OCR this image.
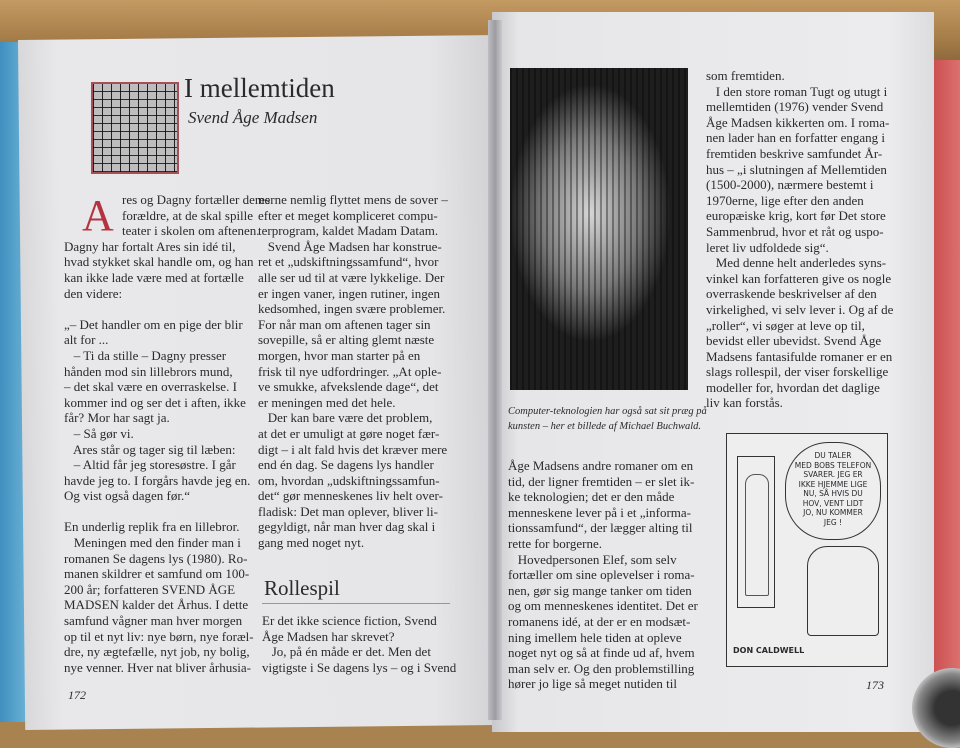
I mellemtiden
Svend Åge Madsen
A res og Dagny fortæller deres
forældre, at de skal spille
teater i skolen om aftenen.
Dagny har fortalt Ares sin idé til,
hvad stykket skal handle om, og han
kan ikke lade være med at fortælle
den videre:

„– Det handler om en pige der blir
alt for ...
– Ti da stille – Dagny presser
hånden mod sin lillebrors mund,
– det skal være en overraskelse. I
kommer ind og ser det i aften, ikke
får? Mor har sagt ja.
– Så gør vi.
Ares står og tager sig til læben:
– Altid får jeg storesøstre. I går
havde jeg to. I forgårs havde jeg en.
Og vist også dagen før.“

En underlig replik fra en lillebror.
Meningen med den finder man i
romanen Se dagens lys (1980). Ro-
manen skildrer et samfund om 100-
200 år; forfatteren SVEND ÅGE
MADSEN kalder det Århus. I dette
samfund vågner man hver morgen
op til et nyt liv: nye børn, nye foræl-
dre, ny ægtefælle, nyt job, ny bolig,
nye venner. Hver nat bliver århusia-
nerne nemlig flyttet mens de sover –
efter et meget kompliceret compu-
terprogram, kaldet Madam Datam.
Svend Åge Madsen har konstrue-
ret et „udskiftningssamfund“, hvor
alle ser ud til at være lykkelige. Der
er ingen vaner, ingen rutiner, ingen
kedsomhed, ingen svære problemer.
For når man om aftenen tager sin
sovepille, så er alting glemt næste
morgen, hvor man starter på en
frisk til nye udfordringer. „At ople-
ve smukke, afvekslende dage“, det
er meningen med det hele.
Der kan bare være det problem,
at det er umuligt at gøre noget fær-
digt – i alt fald hvis det kræver mere
end én dag. Se dagens lys handler
om, hvordan „udskiftningssamfun-
det“ gør menneskenes liv helt over-
fladisk: Det man oplever, bliver li-
gegyldigt, når man hver dag skal i
gang med noget nyt.
Rollespil
Er det ikke science fiction, Svend
Åge Madsen har skrevet?
Jo, på én måde er det. Men det
vigtigste i Se dagens lys – og i Svend
172
Computer-teknologien har også sat sit præg på
kunsten – her et billede af Michael Buchwald.
Åge Madsens andre romaner om en
tid, der ligner fremtiden – er slet ik-
ke teknologien; det er den måde
menneskene lever på i et „informa-
tionssamfund“, der lægger alting til
rette for borgerne.
Hovedpersonen Elef, som selv
fortæller om sine oplevelser i roma-
nen, gør sig mange tanker om tiden
og om menneskenes identitet. Det er
romanens idé, at der er en modsæt-
ning imellem hele tiden at opleve
noget nyt og så at finde ud af, hvem
man selv er. Og den problemstilling
hører jo lige så meget nutiden til
som fremtiden.
I den store roman Tugt og utugt i
mellemtiden (1976) vender Svend
Åge Madsen kikkerten om. I roma-
nen lader han en forfatter engang i
fremtiden beskrive samfundet År-
hus – „i slutningen af Mellemtiden
(1500-2000), nærmere bestemt i
1970erne, lige efter den anden
europæiske krig, kort før Det store
Sammenbrud, hvor et råt og uspo-
leret liv udfoldede sig“.
Med denne helt anderledes syns-
vinkel kan forfatteren give os nogle
overraskende beskrivelser af den
virkelighed, vi selv lever i. Og af de
„roller“, vi søger at leve op til,
bevidst eller ubevidst. Svend Åge
Madsens fantasifulde romaner er en
slags rollespil, der viser forskellige
modeller for, hvordan det daglige
liv kan forstås.
DU TALER
MED BOBS TELEFON
SVARER. JEG ER
IKKE HJEMME LIGE
NU, SÅ HVIS DU
HOV, VENT LIDT
JO, NU KOMMER
JEG !
DON CALDWELL
173
